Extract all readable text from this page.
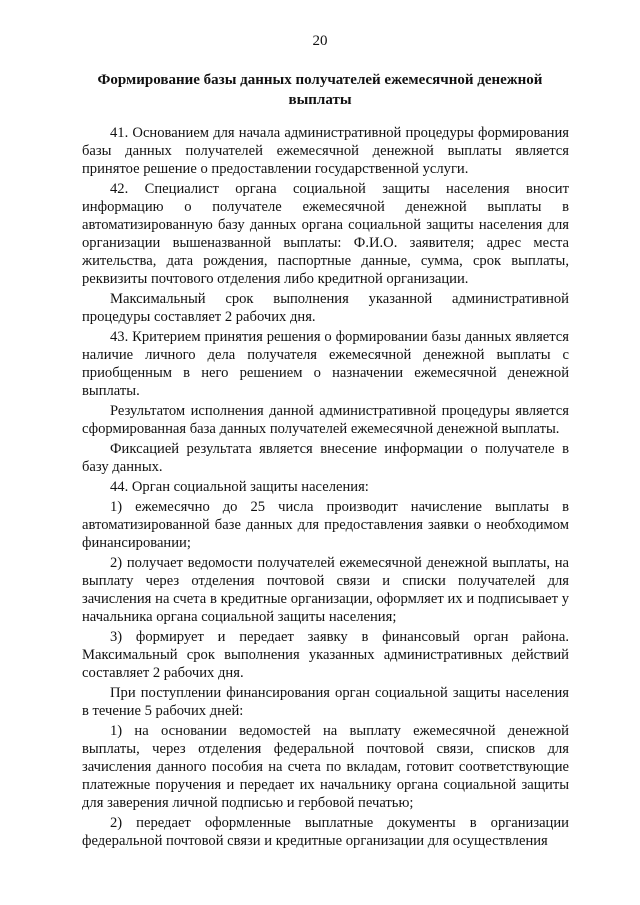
20
Формирование базы данных получателей ежемесячной денежной выплаты

41. Основанием для начала административной процедуры формирования базы данных получателей ежемесячной денежной выплаты является принятое решение о предоставлении государственной услуги.

42. Специалист органа социальной защиты населения вносит информацию о получателе ежемесячной денежной выплаты в автоматизированную базу данных органа социальной защиты населения для организации вышеназванной выплаты: Ф.И.О. заявителя; адрес места жительства, дата рождения, паспортные данные, сумма, срок выплаты, реквизиты почтового отделения либо кредитной организации.

Максимальный срок выполнения указанной административной процедуры составляет 2 рабочих дня.

43. Критерием принятия решения о формировании базы данных является наличие личного дела получателя ежемесячной денежной выплаты с приобщенным в него решением о назначении ежемесячной денежной выплаты.

Результатом исполнения данной административной процедуры является сформированная база данных получателей ежемесячной денежной выплаты.

Фиксацией результата является внесение информации о получателе в базу данных.

44. Орган социальной защиты населения:

1) ежемесячно до 25 числа производит начисление выплаты в автоматизированной базе данных для предоставления заявки о необходимом финансировании;

2) получает ведомости получателей ежемесячной денежной выплаты, на выплату через отделения почтовой связи и списки получателей для зачисления на счета в кредитные организации, оформляет их и подписывает у начальника органа социальной защиты населения;

3) формирует и передает заявку в финансовый орган района. Максимальный срок выполнения указанных административных действий составляет 2 рабочих дня.

При поступлении финансирования орган социальной защиты населения в течение 5 рабочих дней:

1) на основании ведомостей на выплату ежемесячной денежной выплаты, через отделения федеральной почтовой связи, списков для зачисления данного пособия на счета по вкладам, готовит соответствующие платежные поручения и передает их начальнику органа социальной защиты для заверения личной подписью и гербовой печатью;

2) передает оформленные выплатные документы в организации федеральной почтовой связи и кредитные организации для осуществления
